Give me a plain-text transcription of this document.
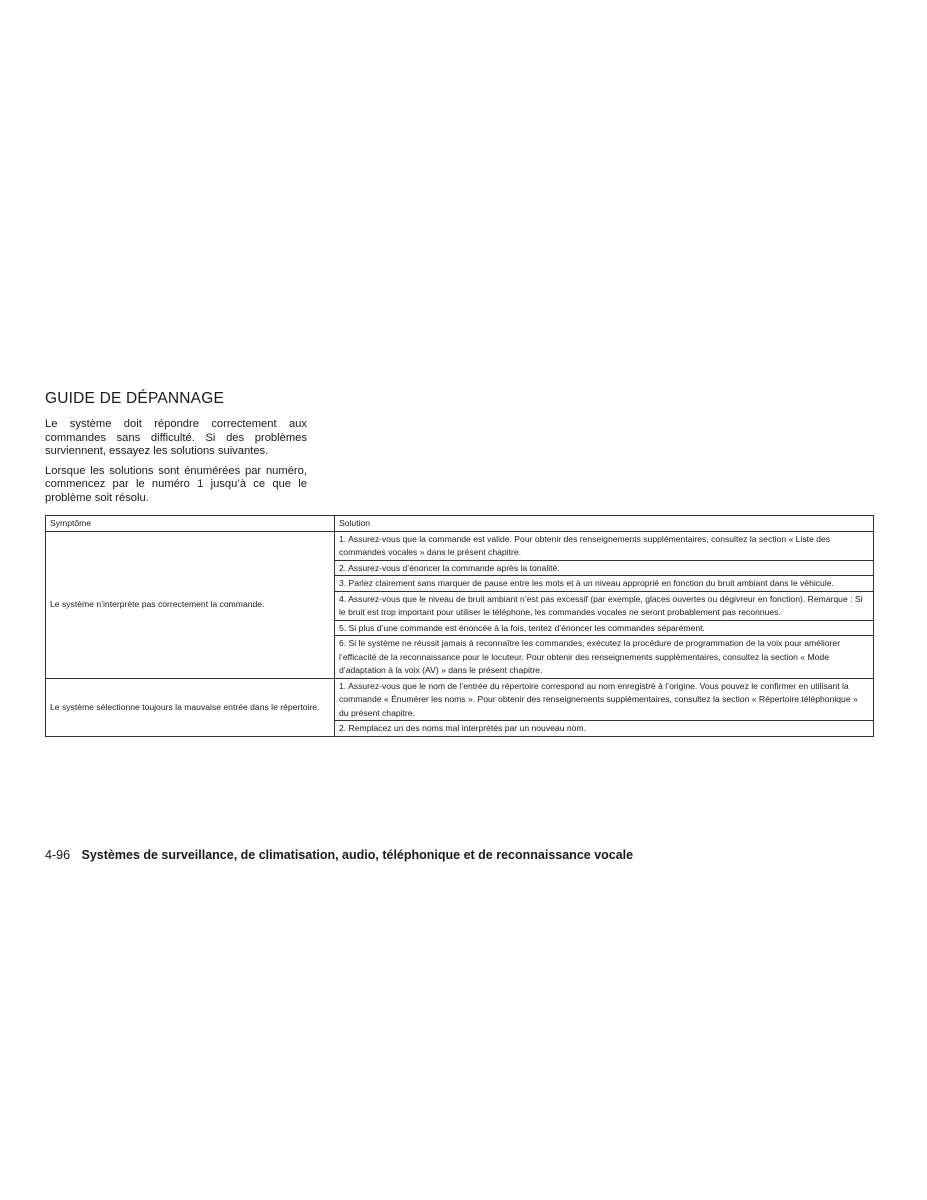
GUIDE DE DÉPANNAGE

Le système doit répondre correctement aux commandes sans difficulté. Si des problèmes surviennent, essayez les solutions suivantes.

Lorsque les solutions sont énumérées par numéro, commencez par le numéro 1 jusqu’à ce que le problème soit résolu.

Symptôme	Solution
Le système n’interprète pas correctement la commande.	1. Assurez-vous que la commande est valide. Pour obtenir des renseignements supplémentaires, consultez la section « Liste des commandes vocales » dans le présent chapitre.
	2. Assurez-vous d’énoncer la commande après la tonalité.
	3. Parlez clairement sans marquer de pause entre les mots et à un niveau approprié en fonction du bruit ambiant dans le véhicule.
	4. Assurez-vous que le niveau de bruit ambiant n’est pas excessif (par exemple, glaces ouvertes ou dégivreur en fonction). Remarque : Si le bruit est trop important pour utiliser le téléphone, les commandes vocales ne seront probablement pas reconnues.
	5. Si plus d’une commande est énoncée à la fois, tentez d’énoncer les commandes séparément.
	6. Si le système ne réussit jamais à reconnaître les commandes, exécutez la procédure de programmation de la voix pour améliorer l’efficacité de la reconnaissance pour le locuteur. Pour obtenir des renseignements supplémentaires, consultez la section « Mode d’adaptation à la voix (AV) » dans le présent chapitre.
Le système sélectionne toujours la mauvaise entrée dans le répertoire.	1. Assurez-vous que le nom de l’entrée du répertoire correspond au nom enregistré à l’origine. Vous pouvez le confirmer en utilisant la commande « Énumérer les noms ». Pour obtenir des renseignements supplémentaires, consultez la section « Répertoire téléphonique » du présent chapitre.
	2. Remplacez un des noms mal interprétés par un nouveau nom.
4-96 Systèmes de surveillance, de climatisation, audio, téléphonique et de reconnaissance vocale
